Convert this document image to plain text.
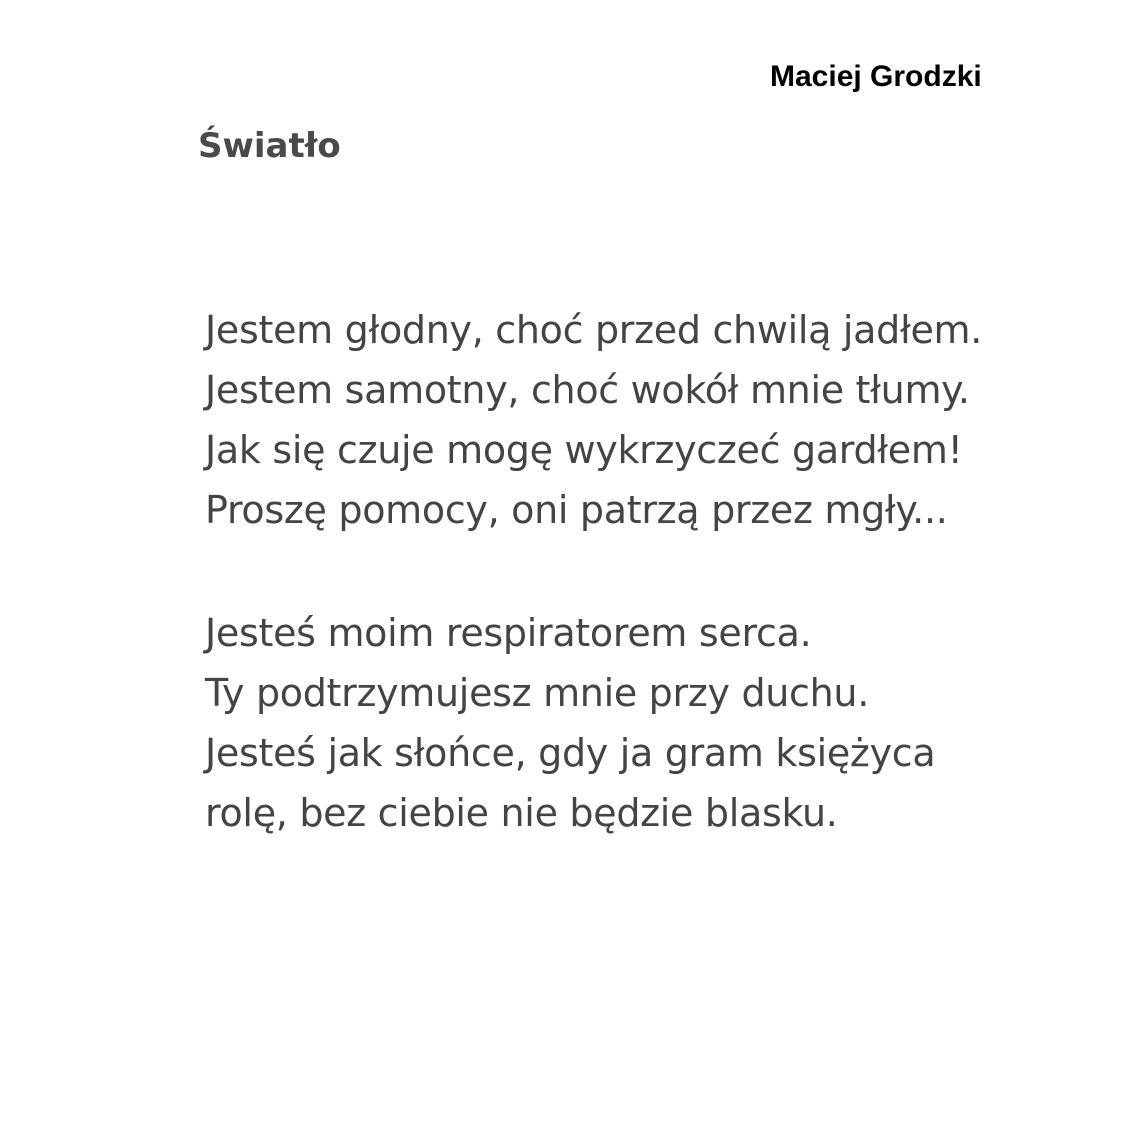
Maciej Grodzki
Światło
Jestem głodny, choć przed chwilą jadłem.
Jestem samotny, choć wokół mnie tłumy.
Jak się czuje mogę wykrzyczeć gardłem!
Proszę pomocy, oni patrzą przez mgły...
Jesteś moim respiratorem serca.
Ty podtrzymujesz mnie przy duchu.
Jesteś jak słońce, gdy ja gram księżyca
rolę, bez ciebie nie będzie blasku.
